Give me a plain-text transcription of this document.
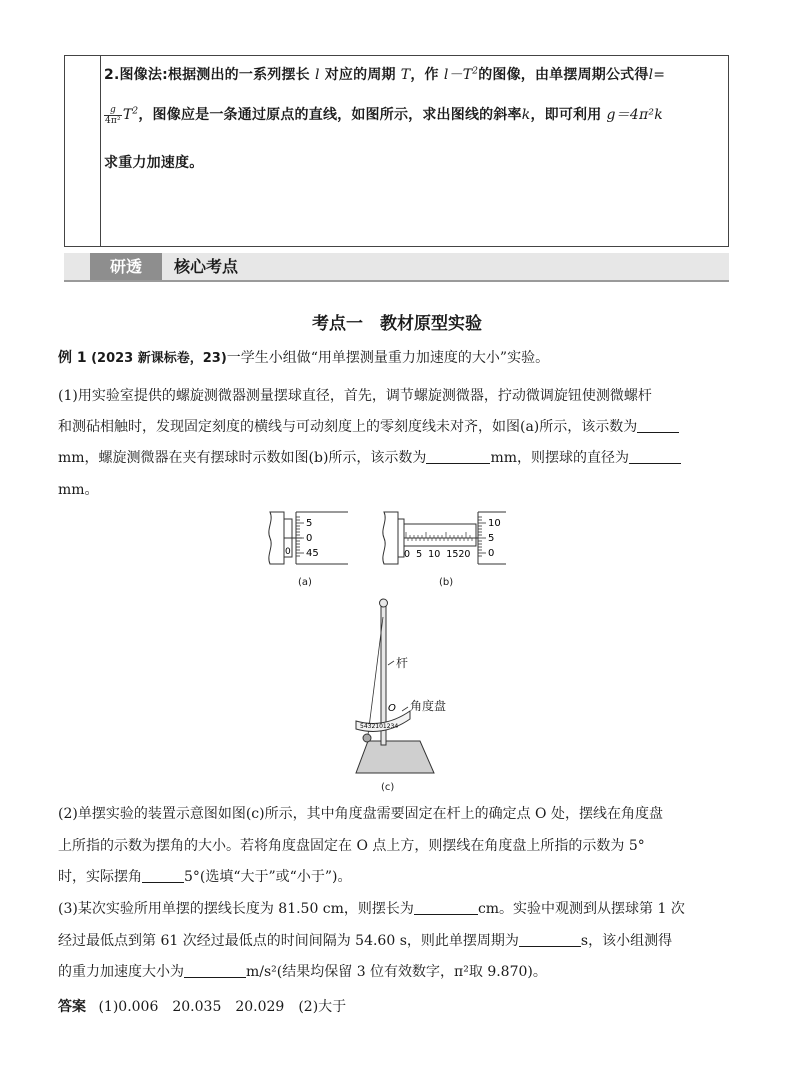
2.图像法:根据测出的一系列摆长 l 对应的周期 T，作 $l-T^2$的图像，由单摆周期公式得l=
$\frac{g}{\text{4π²}} T^2$，图像应是一条通过原点的直线，如图所示，求出图线的斜率k，即可利用 g＝4π²k
求重力加速度。
研透	核心考点
考点一　教材原型实验
例 1 (2023 新课标卷，23)一学生小组做“用单摆测量重力加速度的大小”实验。
(1)用实验室提供的螺旋测微器测量摆球直径，首先，调节螺旋测微器，拧动微调旋钮使测微螺杆
和测砧相触时，发现固定刻度的横线与可动刻度上的零刻度线未对齐，如图(a)所示，该示数为
mm，螺旋测微器在夹有摆球时示数如图(b)所示，该示数为	mm，则摆球的直径为
mm。
5
0
45
0
(a)
10
5
0
0  5  10  1520
(b)
5432101234
O
杆
角度盘
(c)
(2)单摆实验的装置示意图如图(c)所示，其中角度盘需要固定在杆上的确定点 O 处，摆线在角度盘
上所指的示数为摆角的大小。若将角度盘固定在 O 点上方，则摆线在角度盘上所指的示数为 5°
时，实际摆角	5°(选填“大于”或“小于”)。
(3)某次实验所用单摆的摆线长度为 81.50 cm，则摆长为	cm。实验中观测到从摆球第 1 次
经过最低点到第 61 次经过最低点的时间间隔为 54.60 s，则此单摆周期为	s，该小组测得
的重力加速度大小为	m/s²(结果均保留 3 位有效数字，π²取 9.870)。
答案 (1)0.006　20.035　20.029　(2)大于
